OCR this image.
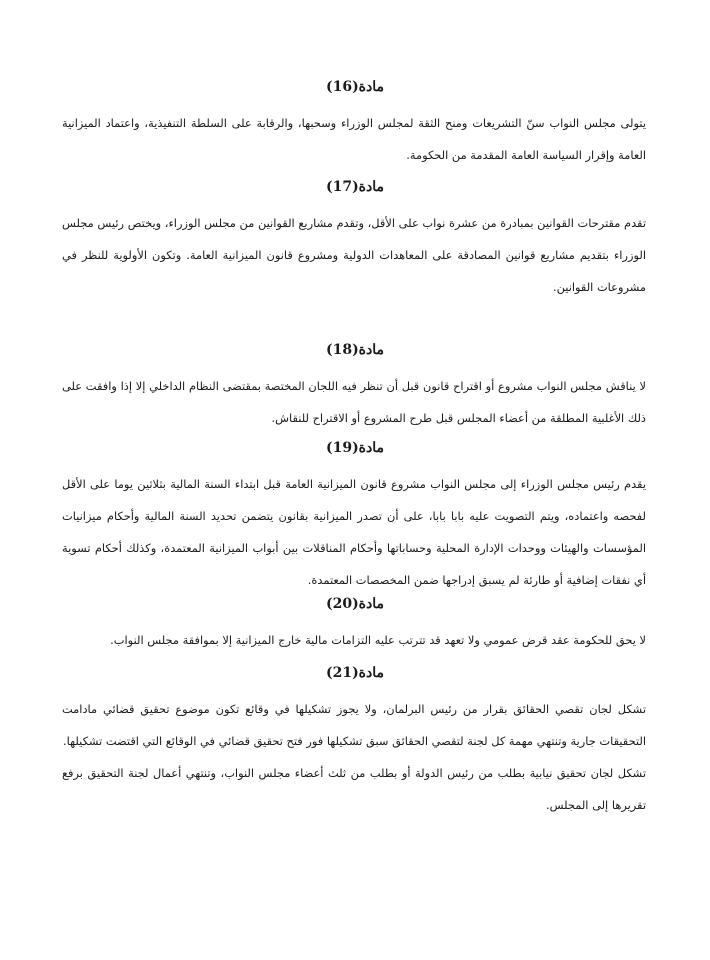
مادة(16)
يتولى مجلس النواب سنّ التشريعات ومنح الثقة لمجلس الوزراء وسحبها، والرقابة على السلطة التنفيذية، واعتماد الميزانية العامة وإقرار السياسة العامة المقدمة من الحكومة.
مادة(17)
تقدم مقترحات القوانين بمبادرة من عشرة نواب على الأقل، وتقدم مشاريع القوانين من مجلس الوزراء، ويختص رئيس مجلس الوزراء بتقديم مشاريع قوانين المصادقة على المعاهدات الدولية ومشروع قانون الميزانية العامة. وتكون الأولوية للنظر في مشروعات القوانين.
مادة(18)
لا يناقش مجلس النواب مشروع أو اقتراح قانون قبل أن تنظر فيه اللجان المختصة بمقتضى النظام الداخلي إلا إذا وافقت على ذلك الأغلبية المطلقة من أعضاء المجلس قبل طرح المشروع أو الاقتراح للنقاش.
مادة(19)
يقدم رئيس مجلس الوزراء إلى مجلس النواب مشروع قانون الميزانية العامة قبل ابتداء السنة المالية بثلاثين يوما على الأقل لفحصه واعتماده، ويتم التصويت عليه بابا بابا، على أن تصدر الميزانية بقانون يتضمن تحديد السنة المالية وأحكام ميزانيات المؤسسات والهيئات ووحدات الإدارة المحلية وحساباتها وأحكام المناقلات بين أبواب الميزانية المعتمدة، وكذلك أحكام تسوية أي نفقات إضافية أو طارئة لم يسبق إدراجها ضمن المخصصات المعتمدة.
مادة(20)
لا يحق للحكومة عقد قرض عمومي ولا تعهد قد تترتب عليه التزامات مالية خارج الميزانية إلا بموافقة مجلس النواب.
مادة(21)
تشكل لجان تقصي الحقائق بقرار من رئيس البرلمان، ولا يجوز تشكيلها في وقائع تكون موضوع تحقيق قضائي مادامت التحقيقات جارية وتنتهي مهمة كل لجنة لتقصي الحقائق سبق تشكيلها فور فتح تحقيق قضائي في الوقائع التي اقتضت تشكيلها.
تشكل لجان تحقيق نيابية بطلب من رئيس الدولة أو بطلب من ثلث أعضاء مجلس النواب، وتنتهي أعمال لجنة التحقيق برفع تقريرها إلى المجلس.
